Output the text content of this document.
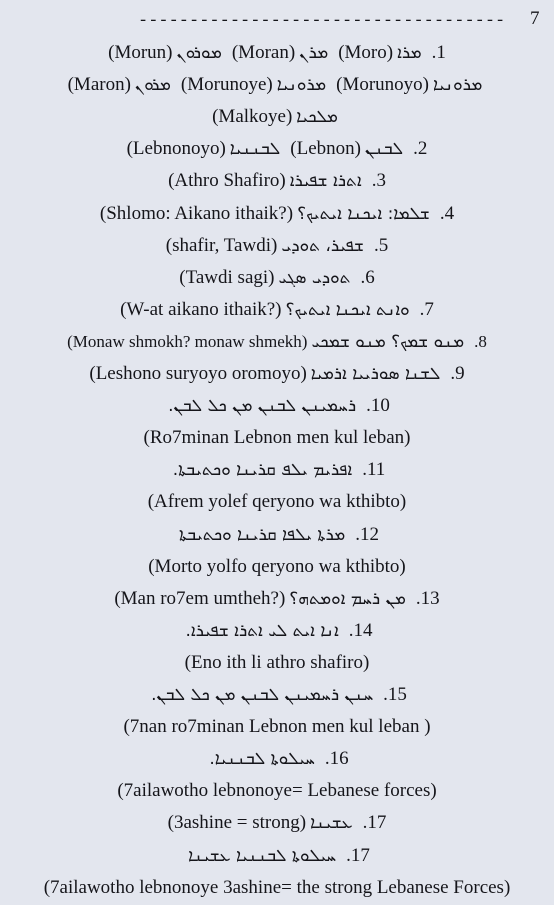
------------------------------------ 7
(Morun) ܡܘܪܘܢ (Moran) ܡܪܢ (Moro) ܡܪܐ .1
(Maron) ܡܪܘܢ (Morunoye) ܡܪܘܢܝܐ (Morunoyo) ܡܪܘܢܝܐ
(Malkoye) ܡܠܟܝܐ
(Lebnonoyo) ܠܒܢܢܝܐ (Lebnon) ܠܒܢܢ .2
(Athro Shafiro) ܐܬܪܐ ܫܦܝܪܐ .3
(Shlomo: Aikano ithaik?) ܫܠܡܐ: ܐܝܟܢܐ ܐܝܬܝܟ؟ .4
(shafir, Tawdi) ܫܦܝܪ، ܬܘܕܝ .5
(Tawdi sagi) ܬܘܕܝ ܣܓܝ .6
(W-at aikano ithaik?) ܘܐܢܬ ܐܝܟܢܐ ܐܝܬܝܟ؟ .7
(Monaw shmokh? monaw shmekh) ܡܢܘ ܫܡܟ؟ ܡܢܘ ܫܡܟܝ .8
(Leshono suryoyo oromoyo) ܠܫܢܐ ܣܘܪܝܝܐ ܐܪܡܝܐ .9
ܪܚܡܝܢܢ ܠܒܢܢ ܡܢ ܟܠ ܠܒܢ. .10
(Ro7minan Lebnon men kul leban)
ܐܦܪܝܡ ܝܠܦ ܩܪܝܢܐ ܘܟܬܝܒܬܐ. .11
(Afrem yolef qeryono wa kthibto)
ܡܪܬܐ ܝܠܦܐ ܩܪܝܢܐ ܘܟܬܝܒܬܐ .12
(Morto yolfo qeryono wa kthibto)
(Man ro7em umtheh?) ܡܢ ܪܚܡ ܐܘܡܬܗ؟ .13
ܐܢܐ ܐܝܬ ܠܝ ܐܬܪܐ ܫܦܝܪܐ. .14
(Eno ith li athro shafiro)
ܚܢܢ ܪܚܡܝܢܢ ܠܒܢܢ ܡܢ ܟܠ ܠܒܢ. .15
(7nan ro7minan Lebnon men kul leban )
ܚܝܠܘܬܐ ܠܒܢܢܝܐ. .16
(7ailawotho lebnonoye= Lebanese forces)
(3ashine = strong) ܥܫܝܢܐ .17
ܚܝܠܘܬܐ ܠܒܢܢܝܐ ܥܫܝܢܐ .17
(7ailawotho lebnonoye 3ashine= the strong Lebanese Forces)
